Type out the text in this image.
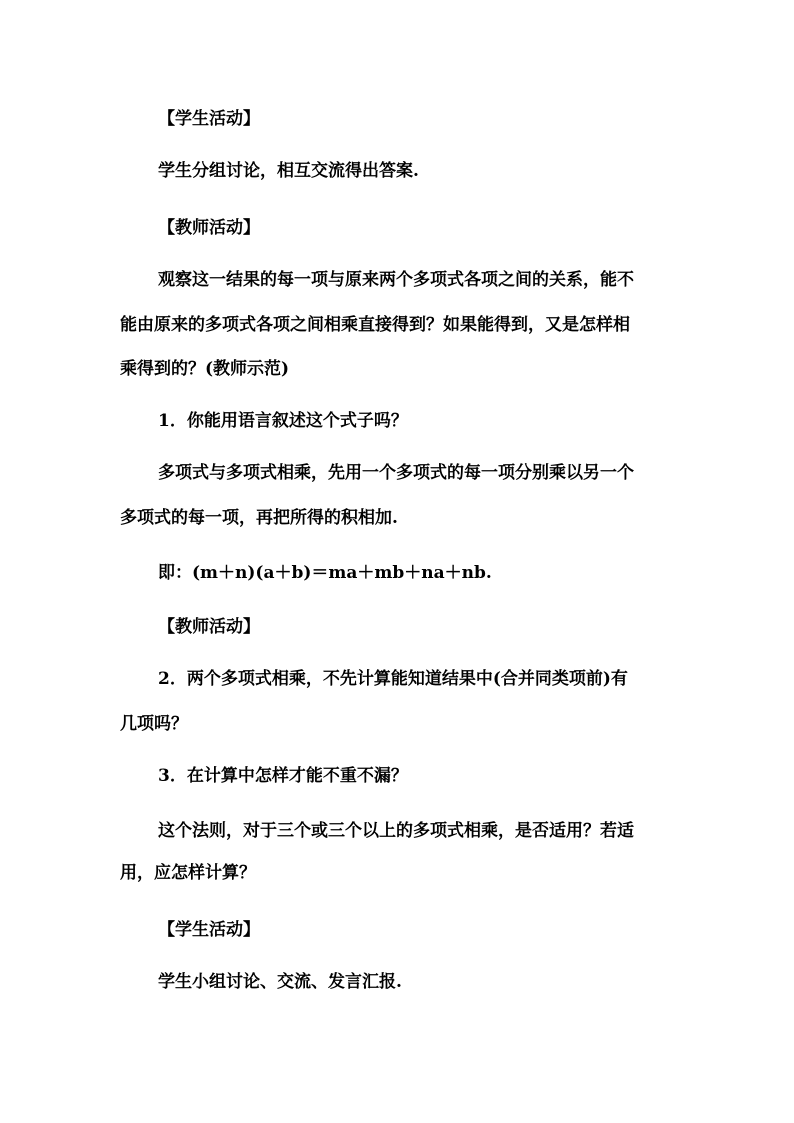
【学生活动】
学生分组讨论，相互交流得出答案.
【教师活动】
观察这一结果的每一项与原来两个多项式各项之间的关系，能不
能由原来的多项式各项之间相乘直接得到？如果能得到，又是怎样相
乘得到的？(教师示范)
1．你能用语言叙述这个式子吗？
多项式与多项式相乘，先用一个多项式的每一项分别乘以另一个
多项式的每一项，再把所得的积相加.
即：(m＋n)(a＋b)＝ma＋mb＋na＋nb.
【教师活动】
2．两个多项式相乘，不先计算能知道结果中(合并同类项前)有
几项吗？
3．在计算中怎样才能不重不漏？
这个法则，对于三个或三个以上的多项式相乘，是否适用？若适
用，应怎样计算？
【学生活动】
学生小组讨论、交流、发言汇报.
